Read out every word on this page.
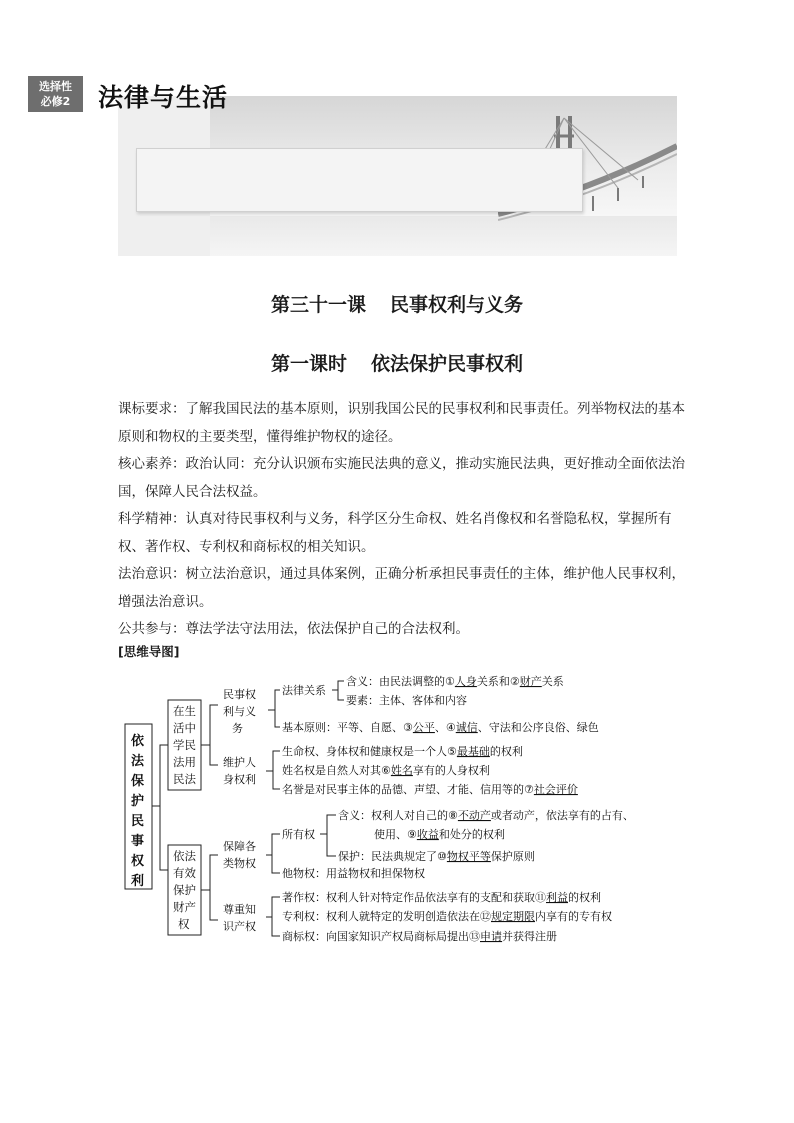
选择性
必修2	法律与生活
第三十一课 民事权利与义务
第一课时 依法保护民事权利

课标要求：了解我国民法的基本原则，识别我国公民的民事权利和民事责任。列举物权法的基本原则和物权的主要类型，懂得维护物权的途径。

核心素养：政治认同：充分认识颁布实施民法典的意义，推动实施民法典，更好推动全面依法治国，保障人民合法权益。

科学精神：认真对待民事权利与义务，科学区分生命权、姓名肖像权和名誉隐私权，掌握所有权、著作权、专利权和商标权的相关知识。

法治意识：树立法治意识，通过具体案例，正确分析承担民事责任的主体，维护他人民事权利，增强法治意识。

公共参与：尊法学法守法用法，依法保护自己的合法权利。

[思维导图]
依
法
保
护
民
事
权
利
在生
活中
学民
法用
民法
依法
有效
保护
财产
权
民事权
利与义
务
维护人
身权利
法律关系
含义：由民法调整的①人身关系和②财产关系
要素：主体、客体和内容
基本原则：平等、自愿、③公平、④诚信、守法和公序良俗、绿色
生命权、身体权和健康权是一个人⑤最基础的权利
姓名权是自然人对其⑥姓名享有的人身权利
名誉是对民事主体的品德、声望、才能、信用等的⑦社会评价
保障各
类物权
尊重知
识产权
所有权
含义：权利人对自己的⑧不动产或者动产，依法享有的占有、
使用、⑨收益和处分的权利
保护：民法典规定了⑩物权平等保护原则
他物权：用益物权和担保物权
著作权：权利人针对特定作品依法享有的支配和获取⑪利益的权利
专利权：权利人就特定的发明创造依法在⑫规定期限内享有的专有权
商标权：向国家知识产权局商标局提出⑬申请并获得注册
